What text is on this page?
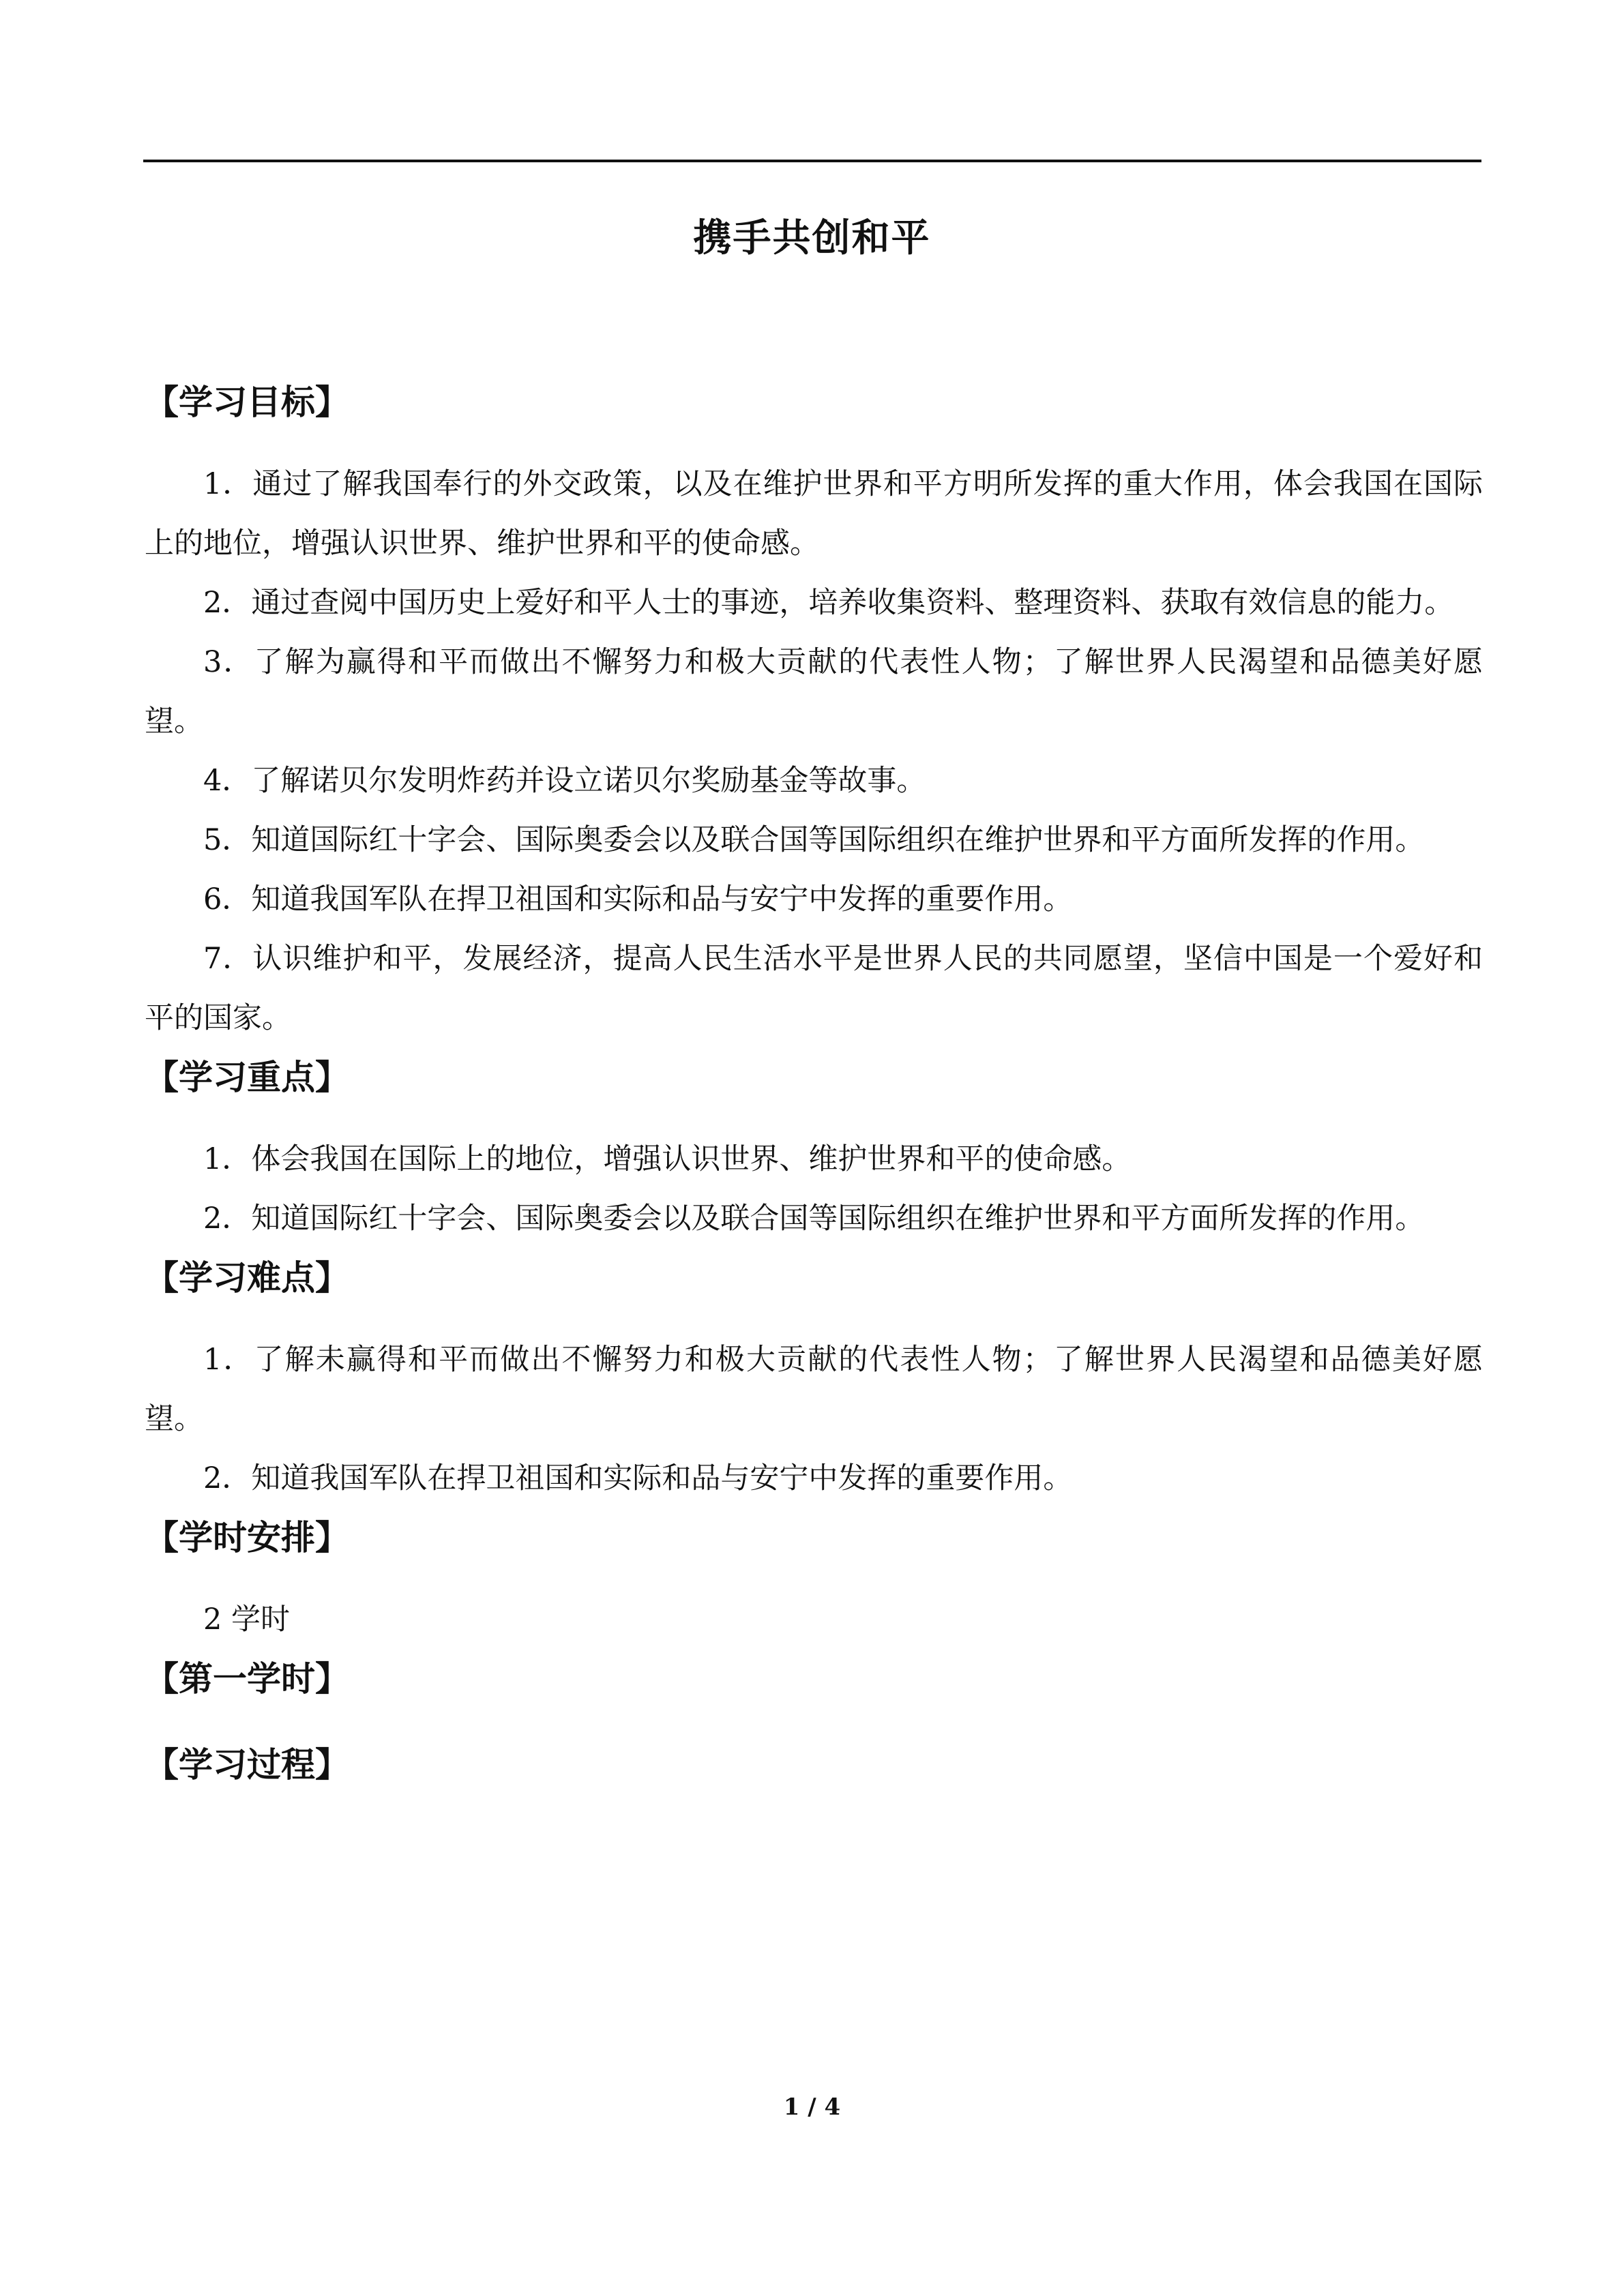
携手共创和平
【学习目标】

1．通过了解我国奉行的外交政策，以及在维护世界和平方明所发挥的重大作用，体会我国在国际上的地位，增强认识世界、维护世界和平的使命感。

2．通过查阅中国历史上爱好和平人士的事迹，培养收集资料、整理资料、获取有效信息的能力。

3．了解为赢得和平而做出不懈努力和极大贡献的代表性人物；了解世界人民渴望和品德美好愿望。

4．了解诺贝尔发明炸药并设立诺贝尔奖励基金等故事。

5．知道国际红十字会、国际奥委会以及联合国等国际组织在维护世界和平方面所发挥的作用。

6．知道我国军队在捍卫祖国和实际和品与安宁中发挥的重要作用。

7．认识维护和平，发展经济，提高人民生活水平是世界人民的共同愿望，坚信中国是一个爱好和平的国家。

【学习重点】

1．体会我国在国际上的地位，增强认识世界、维护世界和平的使命感。

2．知道国际红十字会、国际奥委会以及联合国等国际组织在维护世界和平方面所发挥的作用。

【学习难点】

1．了解未赢得和平而做出不懈努力和极大贡献的代表性人物；了解世界人民渴望和品德美好愿望。

2．知道我国军队在捍卫祖国和实际和品与安宁中发挥的重要作用。

【学时安排】

2 学时

【第一学时】
【学习过程】
1 / 4
